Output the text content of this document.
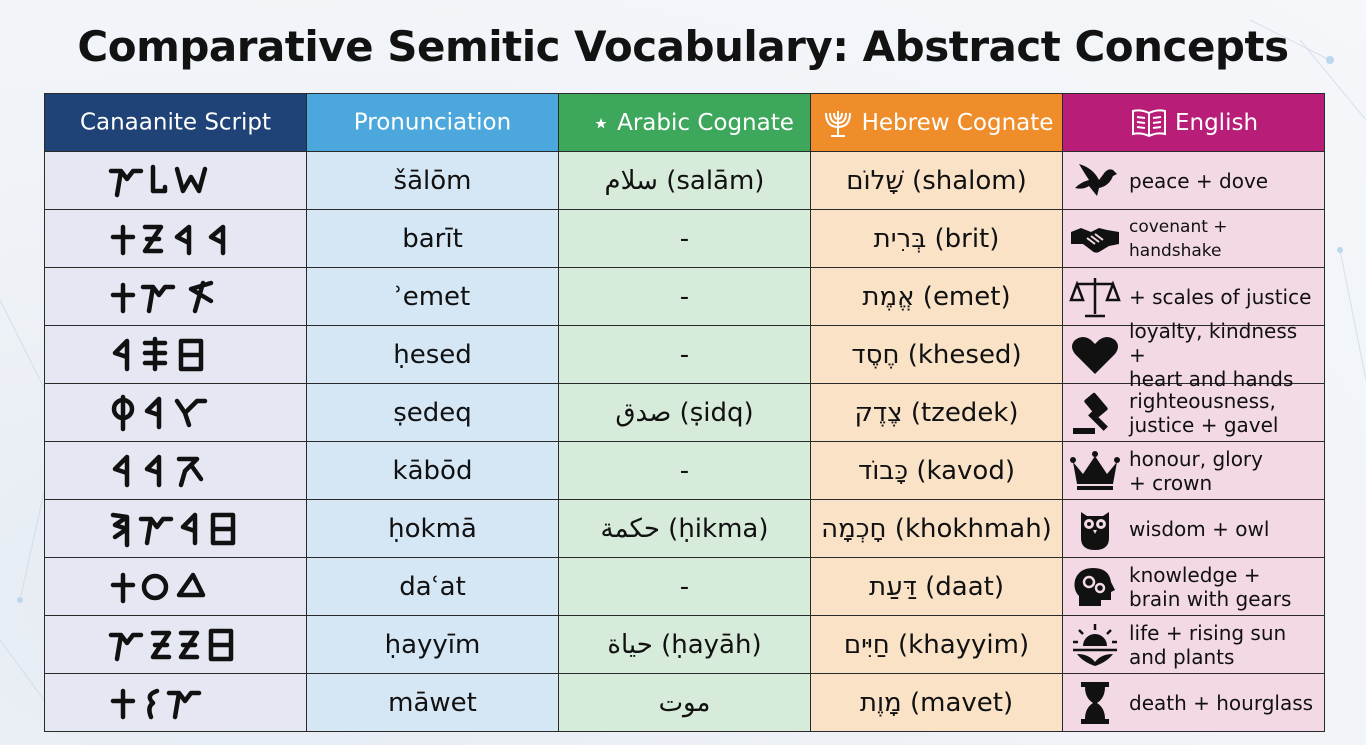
Comparative Semitic Vocabulary: Abstract Concepts
Canaanite Script	Pronunciation	Arabic Cognate	Hebrew Cognate	English
	šālōm	سلام (salām)	שָׁלוֹם (shalom)	peace + dove

	barīt	-	בְּרִית (brit)	covenant + handshake

	ʾemet	-	אֱמֶת (emet)	+ scales of justice

	ḥesed	-	חֶסֶד (khesed)	loyalty, kindness +
heart and hands

	ṣedeq	صدق (ṣidq)	צֶדֶק (tzedek)	righteousness,
justice + gavel

	kābōd	-	כָּבוֹד (kavod)	honour, glory
+ crown

	ḥokmā	حكمة (ḥikma)	חָכְמָה (khokhmah)	wisdom + owl

	daʿat	-	דַּעַת (daat)	knowledge +
brain with gears

	ḥayyīm	حياة (ḥayāh)	חַיִּים (khayyim)	life + rising sun
and plants

	māwet	موت	מָוֶת (mavet)	death + hourglass
